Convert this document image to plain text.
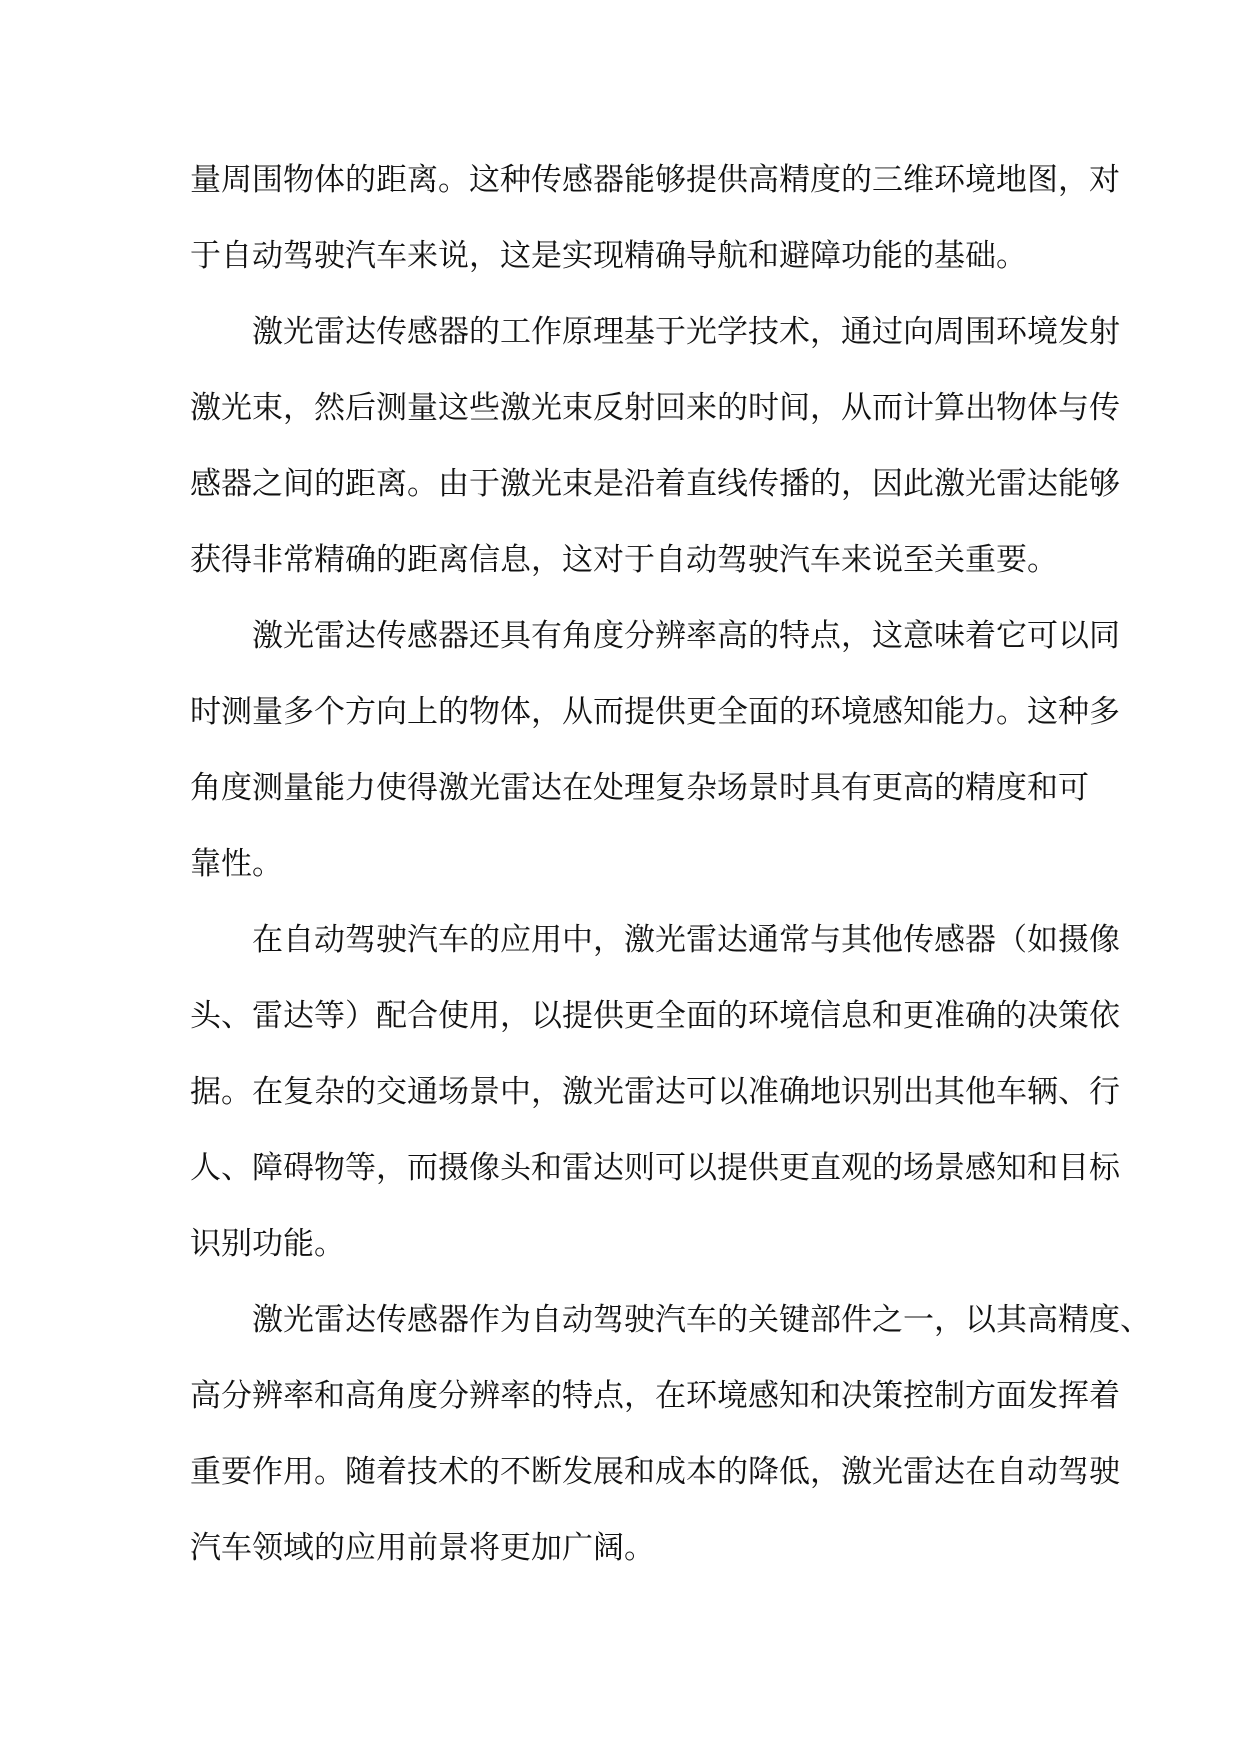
量周围物体的距离。这种传感器能够提供高精度的三维环境地图，对
于自动驾驶汽车来说，这是实现精确导航和避障功能的基础。
激光雷达传感器的工作原理基于光学技术，通过向周围环境发射
激光束，然后测量这些激光束反射回来的时间，从而计算出物体与传
感器之间的距离。由于激光束是沿着直线传播的，因此激光雷达能够
获得非常精确的距离信息，这对于自动驾驶汽车来说至关重要。
激光雷达传感器还具有角度分辨率高的特点，这意味着它可以同
时测量多个方向上的物体，从而提供更全面的环境感知能力。这种多
角度测量能力使得激光雷达在处理复杂场景时具有更高的精度和可
靠性。
在自动驾驶汽车的应用中，激光雷达通常与其他传感器（如摄像
头、雷达等）配合使用，以提供更全面的环境信息和更准确的决策依
据。在复杂的交通场景中，激光雷达可以准确地识别出其他车辆、行
人、障碍物等，而摄像头和雷达则可以提供更直观的场景感知和目标
识别功能。
激光雷达传感器作为自动驾驶汽车的关键部件之一，以其高精度、
高分辨率和高角度分辨率的特点，在环境感知和决策控制方面发挥着
重要作用。随着技术的不断发展和成本的降低，激光雷达在自动驾驶
汽车领域的应用前景将更加广阔。
